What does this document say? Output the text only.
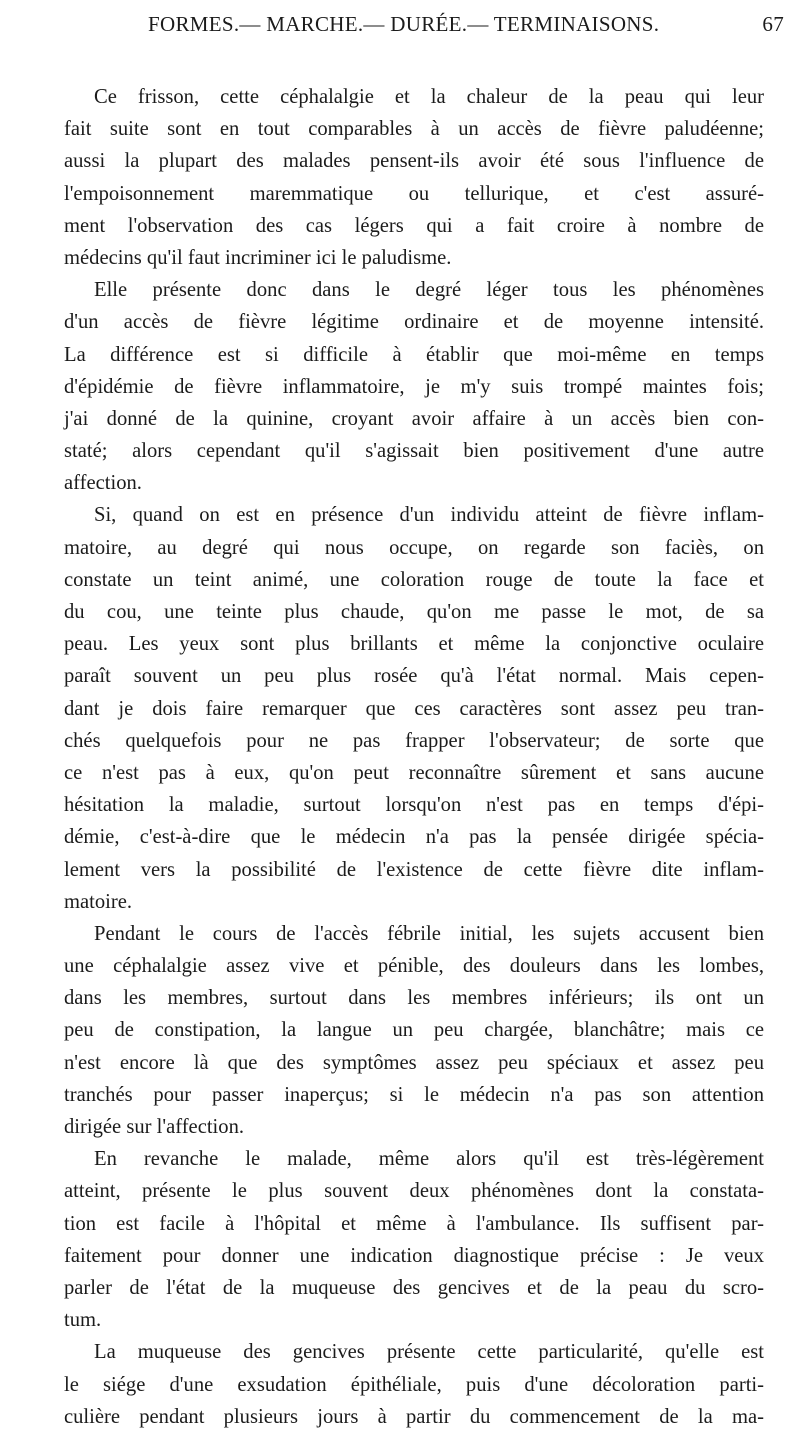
FORMES.— MARCHE.— DURÉE.— TERMINAISONS.	67
Ce frisson, cette céphalalgie et la chaleur de la peau qui leur
fait suite sont en tout comparables à un accès de fièvre paludéenne;
aussi la plupart des malades pensent-ils avoir été sous l'influence de
l'empoisonnement maremmatique ou tellurique, et c'est assuré-
ment l'observation des cas légers qui a fait croire à nombre de
médecins qu'il faut incriminer ici le paludisme.
Elle présente donc dans le degré léger tous les phénomènes
d'un accès de fièvre légitime ordinaire et de moyenne intensité.
La différence est si difficile à établir que moi-même en temps
d'épidémie de fièvre inflammatoire, je m'y suis trompé maintes fois;
j'ai donné de la quinine, croyant avoir affaire à un accès bien con-
staté; alors cependant qu'il s'agissait bien positivement d'une autre
affection.
Si, quand on est en présence d'un individu atteint de fièvre inflam-
matoire, au degré qui nous occupe, on regarde son faciès, on
constate un teint animé, une coloration rouge de toute la face et
du cou, une teinte plus chaude, qu'on me passe le mot, de sa
peau. Les yeux sont plus brillants et même la conjonctive oculaire
paraît souvent un peu plus rosée qu'à l'état normal. Mais cepen-
dant je dois faire remarquer que ces caractères sont assez peu tran-
chés quelquefois pour ne pas frapper l'observateur; de sorte que
ce n'est pas à eux, qu'on peut reconnaître sûrement et sans aucune
hésitation la maladie, surtout lorsqu'on n'est pas en temps d'épi-
démie, c'est-à-dire que le médecin n'a pas la pensée dirigée spécia-
lement vers la possibilité de l'existence de cette fièvre dite inflam-
matoire.
Pendant le cours de l'accès fébrile initial, les sujets accusent bien
une céphalalgie assez vive et pénible, des douleurs dans les lombes,
dans les membres, surtout dans les membres inférieurs; ils ont un
peu de constipation, la langue un peu chargée, blanchâtre; mais ce
n'est encore là que des symptômes assez peu spéciaux et assez peu
tranchés pour passer inaperçus; si le médecin n'a pas son attention
dirigée sur l'affection.
En revanche le malade, même alors qu'il est très-légèrement
atteint, présente le plus souvent deux phénomènes dont la constata-
tion est facile à l'hôpital et même à l'ambulance. Ils suffisent par-
faitement pour donner une indication diagnostique précise : Je veux
parler de l'état de la muqueuse des gencives et de la peau du scro-
tum.
La muqueuse des gencives présente cette particularité, qu'elle est
le siége d'une exsudation épithéliale, puis d'une décoloration parti-
culière pendant plusieurs jours à partir du commencement de la ma-
